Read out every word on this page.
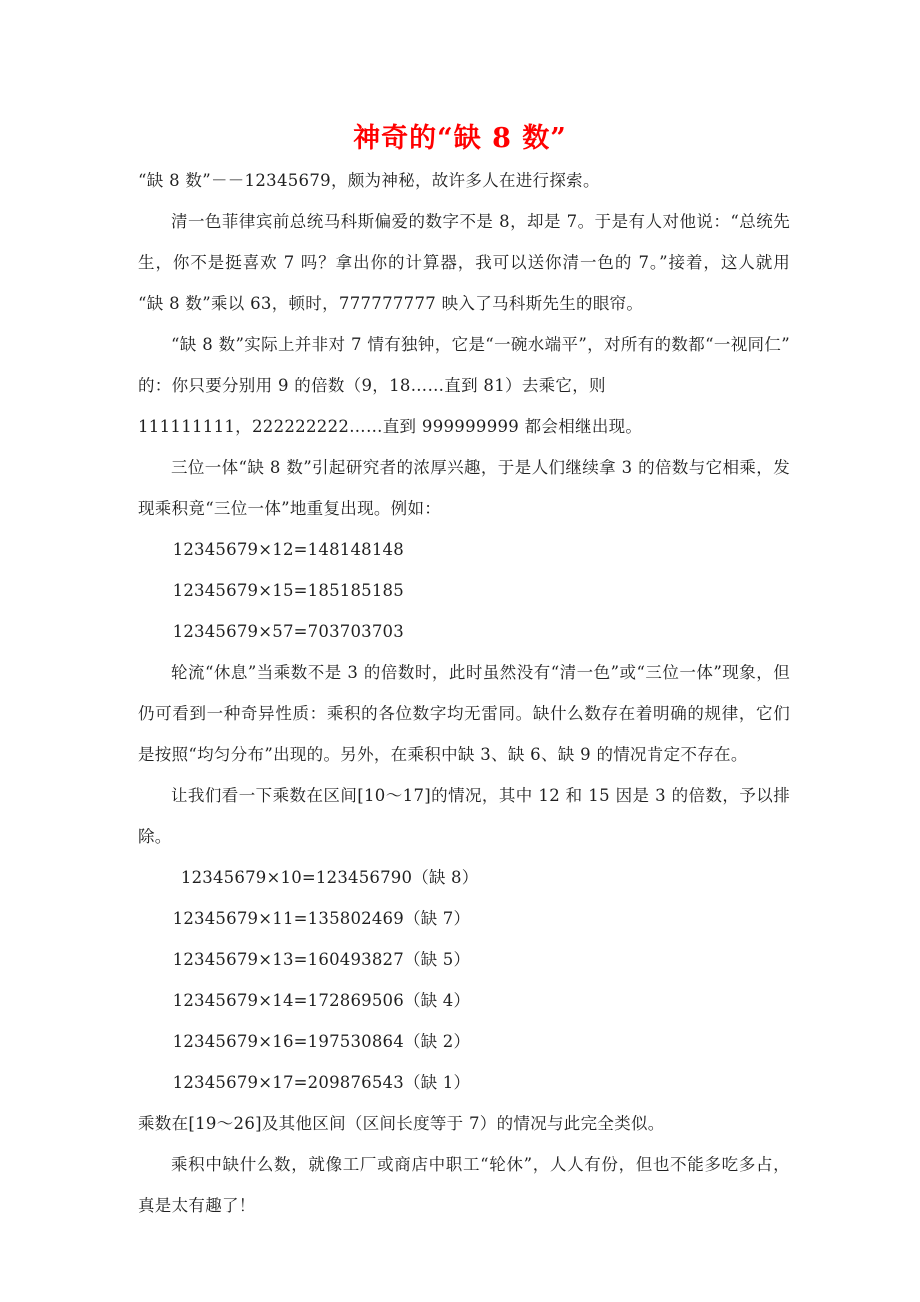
神奇的“缺 8 数”

“缺 8 数”－－12345679，颇为神秘，故许多人在进行探索。

清一色菲律宾前总统马科斯偏爱的数字不是 8，却是 7。于是有人对他说：“总统先生，你不是挺喜欢 7 吗？拿出你的计算器，我可以送你清一色的 7。”接着，这人就用“缺 8 数”乘以 63，顿时，777777777 映入了马科斯先生的眼帘。

“缺 8 数”实际上并非对 7 情有独钟，它是“一碗水端平”，对所有的数都“一视同仁”的：你只要分别用 9 的倍数（9，18……直到 81）去乘它，则

111111111，222222222……直到 999999999 都会相继出现。

三位一体“缺 8 数”引起研究者的浓厚兴趣，于是人们继续拿 3 的倍数与它相乘，发现乘积竟“三位一体”地重复出现。例如：

12345679×12=148148148

12345679×15=185185185

12345679×57=703703703

轮流“休息”当乘数不是 3 的倍数时，此时虽然没有“清一色”或“三位一体”现象，但仍可看到一种奇异性质：乘积的各位数字均无雷同。缺什么数存在着明确的规律，它们是按照“均匀分布”出现的。另外，在乘积中缺 3、缺 6、缺 9 的情况肯定不存在。

让我们看一下乘数在区间[10～17]的情况，其中 12 和 15 因是 3 的倍数，予以排除。

12345679×10=123456790（缺 8）

12345679×11=135802469（缺 7）

12345679×13=160493827（缺 5）

12345679×14=172869506（缺 4）

12345679×16=197530864（缺 2）

12345679×17=209876543（缺 1）

乘数在[19～26]及其他区间（区间长度等于 7）的情况与此完全类似。

乘积中缺什么数，就像工厂或商店中职工“轮休”，人人有份，但也不能多吃多占，真是太有趣了！
